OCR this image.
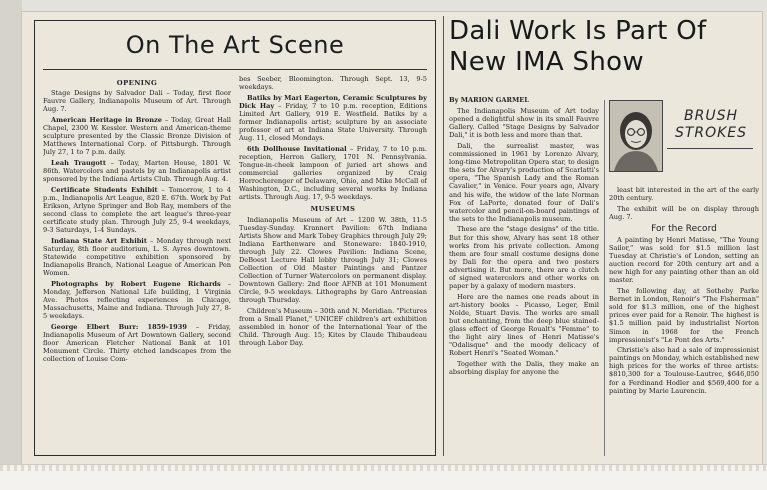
On The Art Scene
OPENING

Stage Designs by Salvador Dali – Today, first floor Fauvre Gallery, Indianapolis Museum of Art. Through Aug. 7.

American Heritage in Bronze – Today, Great Hall Chapel, 2300 W. Kessler. Western and American-theme sculpture presented by the Classic Bronze Division of Matthews International Corp. of Pittsburgh. Through July 27, 1 to 7 p.m. daily.

Leah Traugott – Today, Marten House, 1801 W. 86th. Watercolors and pastels by an Indianapolis artist sponsored by the Indiana Artists Club. Through Aug. 4.

Certificate Students Exhibit – Tomorrow, 1 to 4 p.m., Indianapolis Art League, 820 E. 67th. Work by Pat Erikson, Arlyne Springer and Bob Ray, members of the second class to complete the art league's three-year certificate study plan. Through July 25, 9-4 weekdays, 9-3 Saturdays, 1-4 Sundays.

Indiana State Art Exhibit – Monday through next Saturday, 8th floor auditorium, L. S. Ayres downtown. Statewide competitive exhibition sponsored by Indianapolis Branch, National League of American Pen Women.

Photographs by Robert Eugene Richards – Monday, Jefferson National Life building, 1 Virginia Ave. Photos reflecting experiences in Chicago, Massachusetts, Maine and Indiana. Through July 27, 8-5 weekdays.

George Elbert Burr: 1859-1939 – Friday, Indianapolis Museum of Art Downtown Gallery, second floor American Fletcher National Bank at 101 Monument Circle. Thirty etched landscapes from the collection of Louise Com-

bes Seeber, Bloomington. Through Sept. 13, 9-5 weekdays.

Batiks by Mari Eagerton, Ceramic Sculptures by Dick Hay – Friday, 7 to 10 p.m. reception, Editions Limited Art Gallery, 919 E. Westfield. Batiks by a former Indianapolis artist; sculpture by an associate professor of art at Indiana State University. Through Aug. 11, closed Mondays.

6th Dollhouse Invitational – Friday, 7 to 10 p.m. reception, Herron Gallery, 1701 N. Pennsylvania. Tongue-in-cheek lampoon of juried art shows and commercial galleries organized by Craig Horrocherenger of Delaware, Ohio, and Mike McCall of Washington, D.C., including several works by Indiana artists. Through Aug. 17, 9-5 weekdays.

MUSEUMS

Indianapolis Museum of Art – 1200 W. 38th, 11-5 Tuesday-Sunday. Krannert Pavilion: 67th Indiana Artists Show and Mark Tobey Graphics through July 29; Indiana Earthenware and Stoneware: 1840-1910, through July 22. Clowes Pavilion: Indiana Scene, DeBoest Lecture Hall lobby through July 31; Clowes Collection of Old Master Paintings and Pantzer Collection of Turner Watercolors on permanent display. Downtown Gallery: 2nd floor AFNB at 101 Monument Circle, 9-5 weekdays. Lithographs by Garo Antreasian through Thursday.

Children's Museum – 30th and N. Meridian. "Pictures from a Small Planet," UNICEF children's art exhibition assembled in honor of the International Year of the Child. Through Aug. 15; Kites by Claude Thibaudeau through Labor Day.

Dali Work Is Part Of New IMA Show
By MARION GARMEL

The Indianapolis Museum of Art today opened a delightful show in its small Fauvre Gallery. Called "Stage Designs by Salvador Dali," it is both less and more than that.

Dali, the surrealist master, was commissioned in 1961 by Lorenzo Alvary, long-time Metropolitan Opera star, to design the sets for Alvary's production of Scarlatti's opera, "The Spanish Lady and the Roman Cavalier," in Venice. Four years ago, Alvary and his wife, the widow of the late Norman Fox of LaPorte, donated four of Dali's watercolor and pencil-on-board paintings of the sets to the Indianapolis museum.

These are the "stage designs" of the title. But for this show, Alvary has sent 18 other works from his private collection. Among them are four small costume designs done by Dali for the opera and two posters advertising it. But more, there are a clutch of signed watercolors and other works on paper by a galaxy of modern masters.

Here are the names one reads about in art-history books – Picasso, Leger, Emil Nolde, Stuart Davis. The works are small but enchanting, from the deep blue stained-glass effect of George Roualt's "Femme" to the light airy lines of Henri Matisse's "Odalisque" and the moody delicacy of Robert Henri's "Seated Woman."

Together with the Dalis, they make an absorbing display for anyone the

BRUSH STROKES

least bit interested in the art of the early 20th century.

The exhibit will be on display through Aug. 7.

For the Record

A painting by Henri Matisse, "The Young Sailor," was sold for $1.5 million last Tuesday at Christie's of London, setting an auction record for 20th century art and a new high for any painting other than an old master.

The following day, at Sotheby Parke Bernet in London, Renoir's "The Fisherman" sold for $1.3 million, one of the highest prices ever paid for a Renoir. The highest is $1.5 million paid by industrialist Norton Simon in 1968 for the French impressionist's "Le Pont des Arts."

Christie's also had a sale of impressionist paintings on Monday, which established new high prices for the works of three artists: $810,300 for a Toulouse-Lautrec, $646,050 for a Ferdinand Hodler and $569,400 for a painting by Marie Laurencin.
